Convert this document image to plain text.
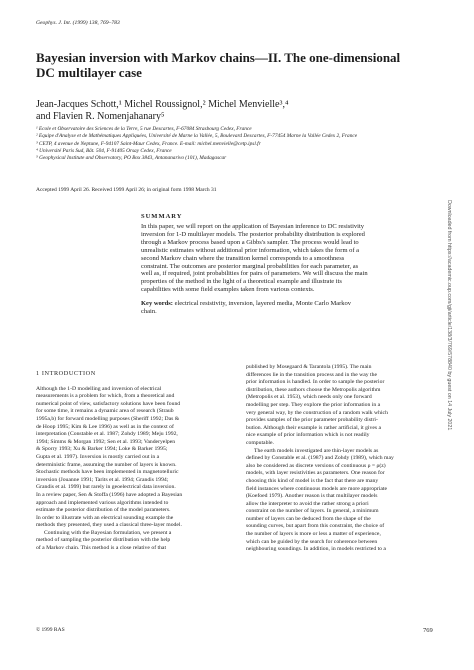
Geophys. J. Int. (1999) 138, 769–783
Bayesian inversion with Markov chains—II. The one-dimensional
DC multilayer case
Jean-Jacques Schott,¹ Michel Roussignol,² Michel Menvielle³,⁴
and Flavien R. Nomenjahanary⁵
¹ Ecole et Observatoire des Sciences de la Terre, 5 rue Descartes, F-67084 Strasbourg Cedex, France
² Equipe d'Analyse et de Mathématiques Appliquées, Université de Marne la Vallée, 5, Boulevard Descartes, F-77454 Marne la Vallée Cedex 2, France
³ CETP, 4 avenue de Neptune, F-94107 Saint-Maur Cedex, France. E-mail: michel.menvielle@cetp.ipsl.fr
⁴ Université Paris Sud, Bât. 504, F-91405 Orsay Cedex, France
⁵ Geophysical Institute and Observatory, PO Box 3843, Antananarivo (101), Madagascar
Accepted 1999 April 26. Received 1999 April 26; in original form 1998 March 31
SUMMARY
In this paper, we will report on the application of Bayesian inference to DC resistivity
inversion for 1-D multilayer models. The posterior probability distribution is explored
through a Markov process based upon a Gibbs's sampler. The process would lead to
unrealistic estimates without additional prior information, which takes the form of a
second Markov chain where the transition kernel corresponds to a smoothness
constraint. The outcomes are posterior marginal probabilities for each parameter, as
well as, if required, joint probabilities for pairs of parameters. We will discuss the main
properties of the method in the light of a theoretical example and illustrate its
capabilities with some field examples taken from various contexts.
Key words: electrical resistivity, inversion, layered media, Monte Carlo Markov
chain.
1 INTRODUCTION
Although the 1-D modelling and inversion of electrical
measurements is a problem for which, from a theoretical and
numerical point of view, satisfactory solutions have been found
for some time, it remains a dynamic area of research (Straub
1995a,b) for forward modelling purposes (Sheriff 1992; Das &
de Hoop 1995; Kim & Lee 1996) as well as in the context of
interpretation (Constable et al. 1987; Zohdy 1989; Meju 1992,
1994; Simms & Morgan 1992; Sen et al. 1993; Vanderyelpen
& Sporry 1993; Xu & Barker 1994; Loke & Barker 1995;
Gupta et al. 1997). Inversion is mostly carried out in a
deterministic frame, assuming the number of layers is known.
Stochastic methods have been implemented in magnetotelluric
inversion (Jouanne 1991; Tarits et al. 1994; Grandis 1994;
Grandis et al. 1999) but rarely in geoelectrical data inversion.
In a review paper, Sen & Stoffa (1996) have adopted a Bayesian
approach and implemented various algorithms intended to
estimate the posterior distribution of the model parameters.
In order to illustrate with an electrical sounding example the
methods they presented, they used a classical three-layer model.
Continuing with the Bayesian formulation, we present a
method of sampling the posterior distribution with the help
of a Markov chain. This method is a close relative of that
published by Mosegaard & Tarantola (1995). The main
differences lie in the transition process and in the way the
prior information is handled. In order to sample the posterior
distribution, these authors choose the Metropolis algorithm
(Metropolis et al. 1953), which needs only one forward
modelling per step. They explore the prior information in a
very general way, by the construction of a random walk which
provides samples of the prior parameter probability distri-
bution. Although their example is rather artificial, it gives a
nice example of prior information which is not readily
computable.
The earth models investigated are thin-layer models as
defined by Constable et al. (1987) and Zohdy (1989), which may
also be considered as discrete versions of continuous ρ = ρ(z)
models, with layer resistivities as parameters. One reason for
choosing this kind of model is the fact that there are many
field instances where continuous models are more appropriate
(Koefoed 1979). Another reason is that multilayer models
allow the interpreter to avoid the rather strong a priori
constraint on the number of layers. In general, a minimum
number of layers can be deduced from the shape of the
sounding curves, but apart from this constraint, the choice of
the number of layers is more or less a matter of experience,
which can be guided by the search for coherence between
neighbouring soundings. In addition, in models restricted to a
© 1999 RAS	769
Downloaded from https://academic.oup.com/gji/article/138/3/769/578840 by guest on 14 July 2021
